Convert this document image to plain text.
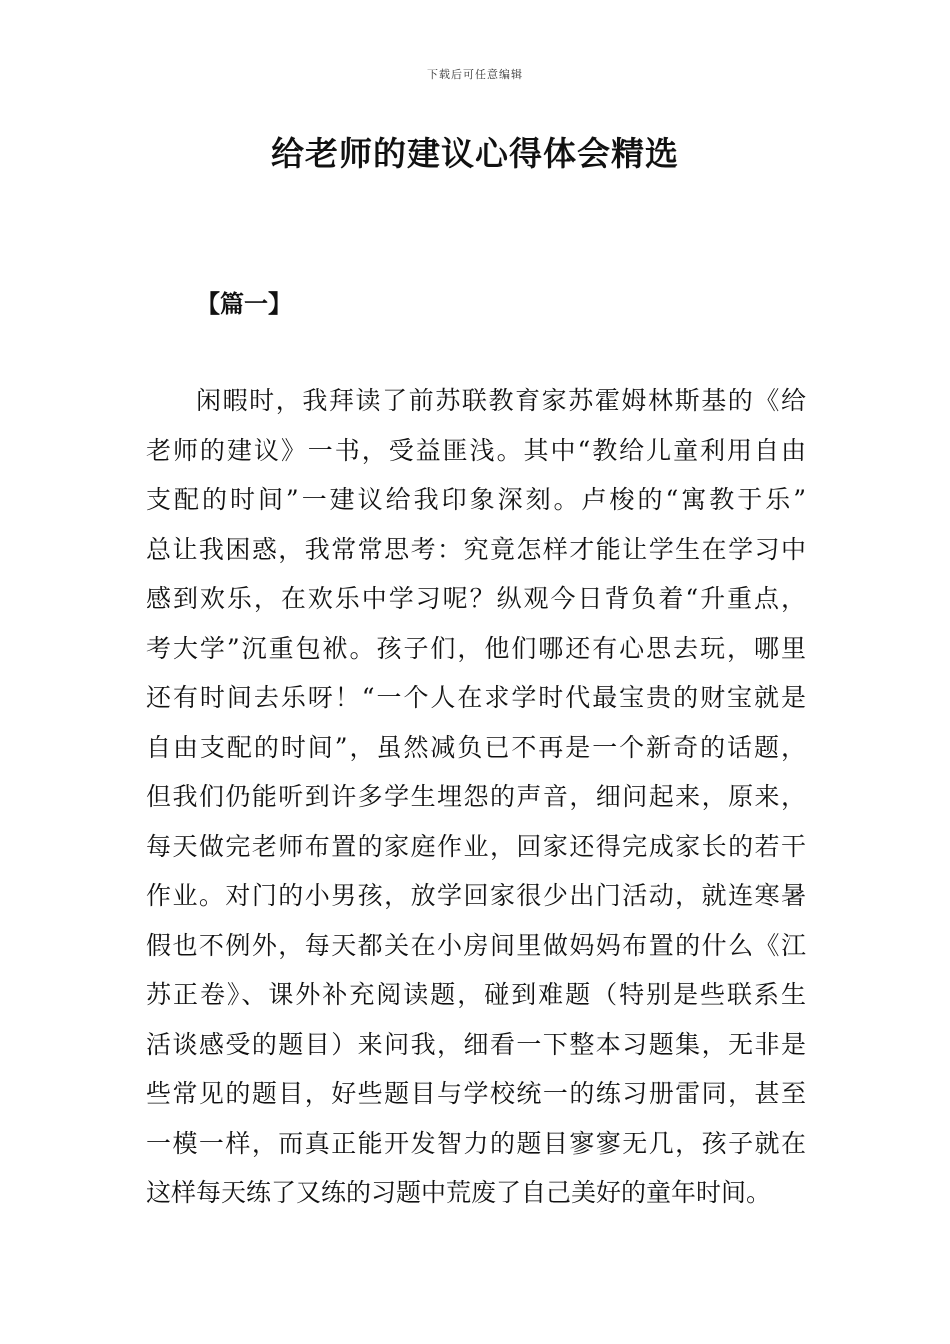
下载后可任意编辑
给老师的建议心得体会精选
【篇一】
闲暇时，我拜读了前苏联教育家苏霍姆林斯基的《给
老师的建议》一书，受益匪浅。其中“教给儿童利用自由
支配的时间”一建议给我印象深刻。卢梭的“寓教于乐”
总让我困惑，我常常思考：究竟怎样才能让学生在学习中
感到欢乐，在欢乐中学习呢？纵观今日背负着“升重点，
考大学”沉重包袱。孩子们，他们哪还有心思去玩，哪里
还有时间去乐呀！“一个人在求学时代最宝贵的财宝就是
自由支配的时间”，虽然减负已不再是一个新奇的话题，
但我们仍能听到许多学生埋怨的声音，细问起来，原来，
每天做完老师布置的家庭作业，回家还得完成家长的若干
作业。对门的小男孩，放学回家很少出门活动，就连寒暑
假也不例外，每天都关在小房间里做妈妈布置的什么《江
苏正卷》、课外补充阅读题，碰到难题（特别是些联系生
活谈感受的题目）来问我，细看一下整本习题集，无非是
些常见的题目，好些题目与学校统一的练习册雷同，甚至
一模一样，而真正能开发智力的题目寥寥无几，孩子就在
这样每天练了又练的习题中荒废了自己美好的童年时间。
